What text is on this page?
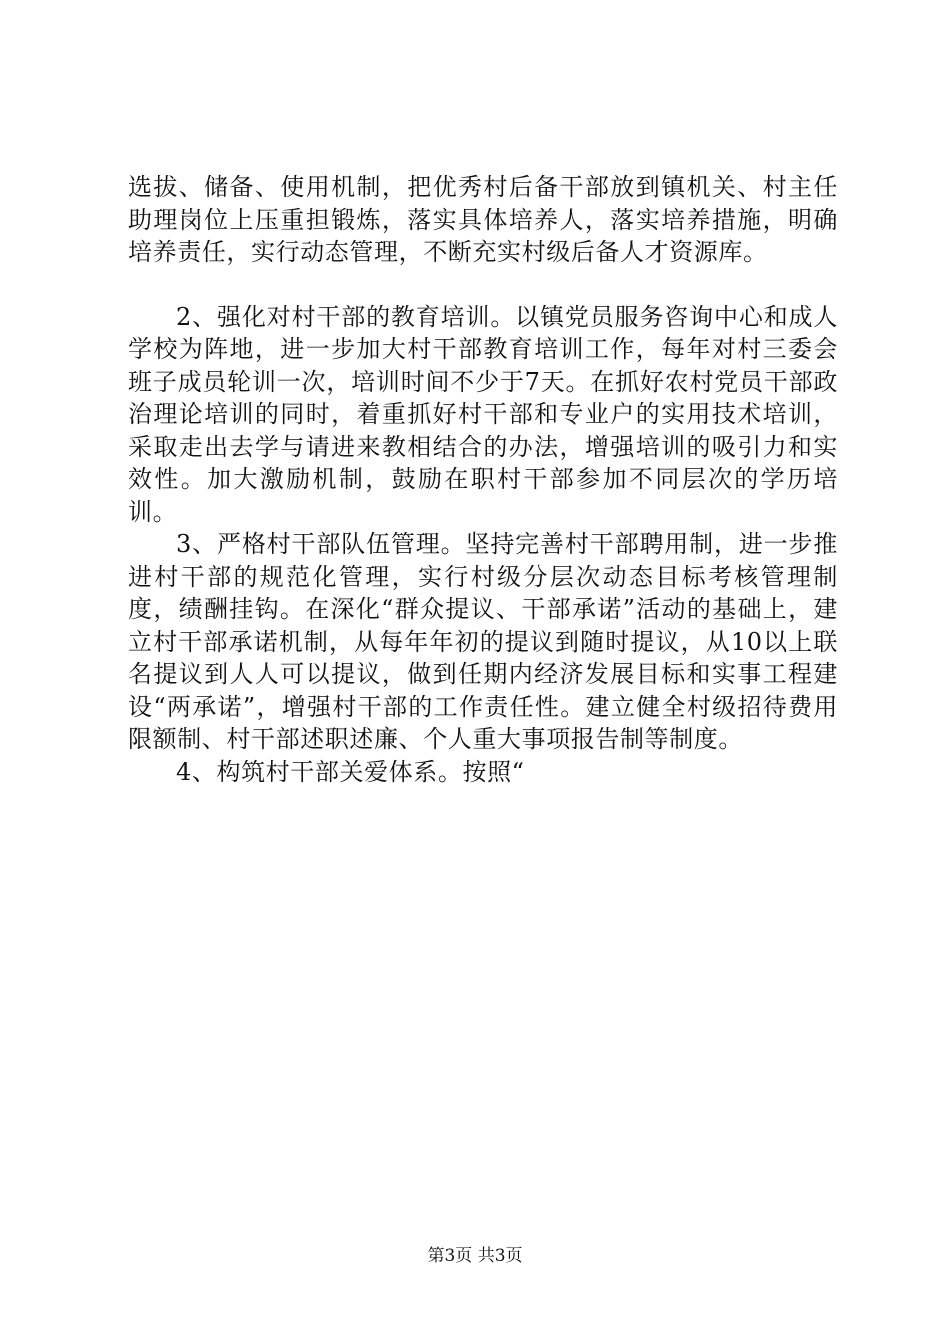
选拔、储备、使用机制，把优秀村后备干部放到镇机关、村主任助理岗位上压重担锻炼，落实具体培养人，落实培养措施，明确培养责任，实行动态管理，不断充实村级后备人才资源库。

2、强化对村干部的教育培训。以镇党员服务咨询中心和成人学校为阵地，进一步加大村干部教育培训工作，每年对村三委会班子成员轮训一次，培训时间不少于7天。在抓好农村党员干部政治理论培训的同时，着重抓好村干部和专业户的实用技术培训，采取走出去学与请进来教相结合的办法，增强培训的吸引力和实效性。加大激励机制，鼓励在职村干部参加不同层次的学历培训。

3、严格村干部队伍管理。坚持完善村干部聘用制，进一步推进村干部的规范化管理，实行村级分层次动态目标考核管理制度，绩酬挂钩。在深化“群众提议、干部承诺”活动的基础上，建立村干部承诺机制，从每年年初的提议到随时提议，从10以上联名提议到人人可以提议，做到任期内经济发展目标和实事工程建设“两承诺”，增强村干部的工作责任性。建立健全村级招待费用限额制、村干部述职述廉、个人重大事项报告制等制度。

4、构筑村干部关爱体系。按照“

第3页 共3页
